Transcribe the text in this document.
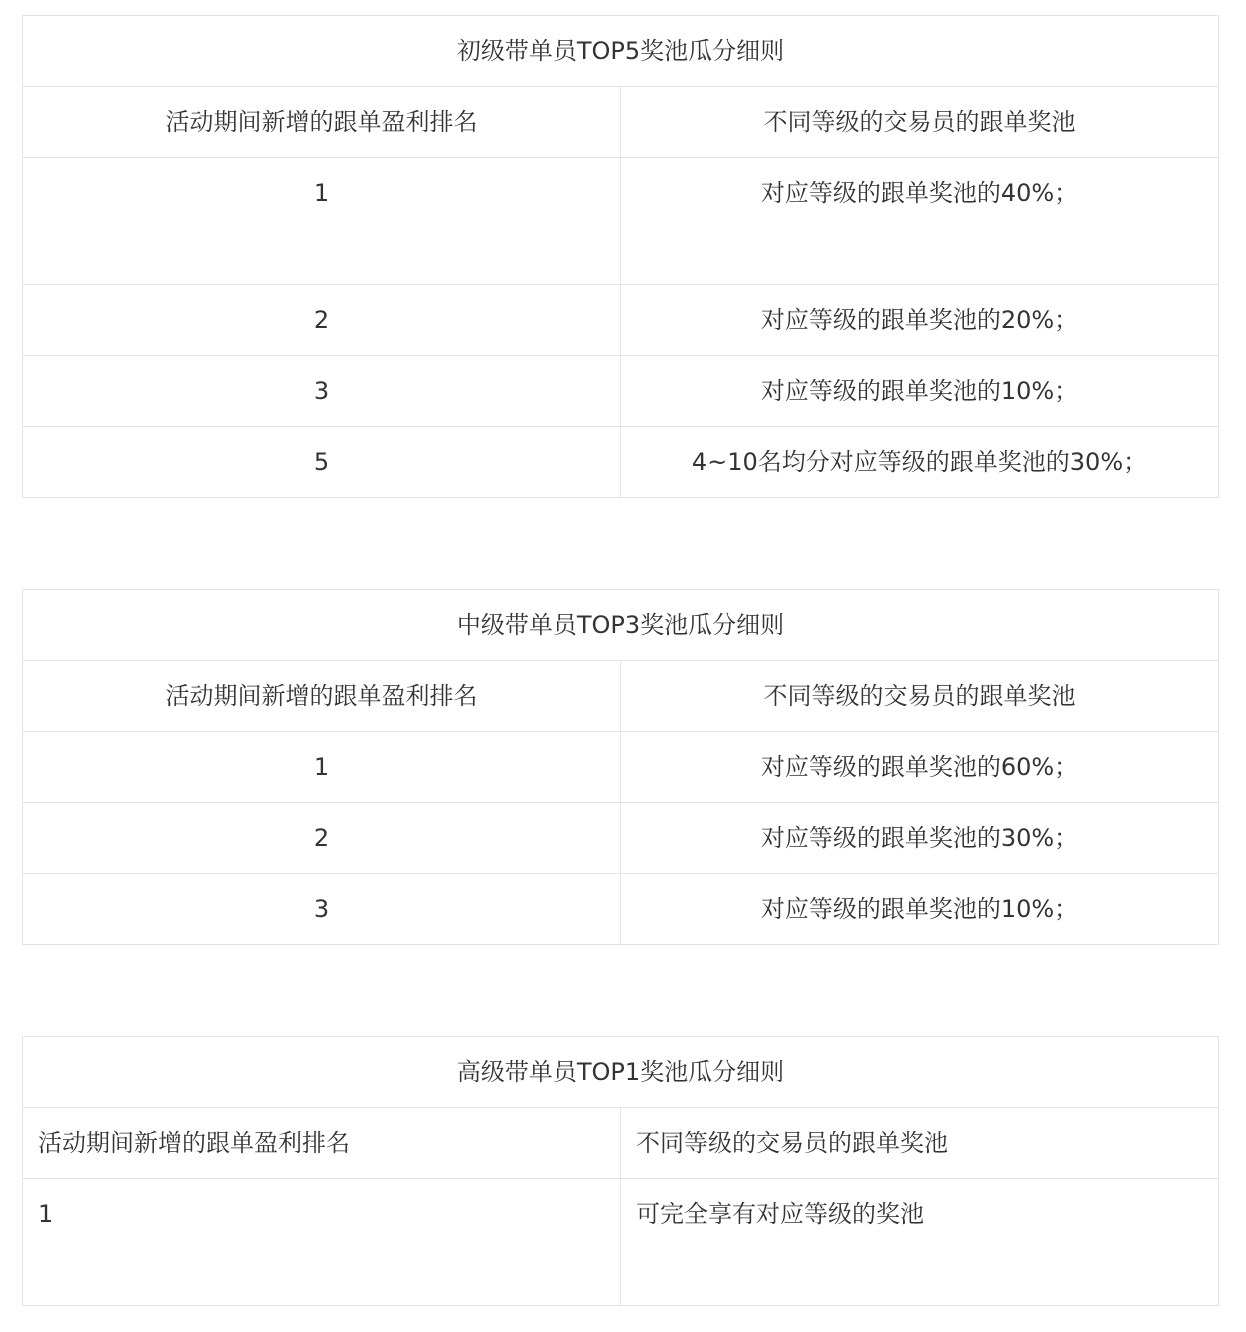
初级带单员TOP5奖池瓜分细则	
活动期间新增的跟单盈利排名	不同等级的交易员的跟单奖池
1	对应等级的跟单奖池的40%；
2	对应等级的跟单奖池的20%；
3	对应等级的跟单奖池的10%；
5	4~10名均分对应等级的跟单奖池的30%；
中级带单员TOP3奖池瓜分细则	
活动期间新增的跟单盈利排名	不同等级的交易员的跟单奖池
1	对应等级的跟单奖池的60%；
2	对应等级的跟单奖池的30%；
3	对应等级的跟单奖池的10%；
高级带单员TOP1奖池瓜分细则	
活动期间新增的跟单盈利排名	不同等级的交易员的跟单奖池
1	可完全享有对应等级的奖池
